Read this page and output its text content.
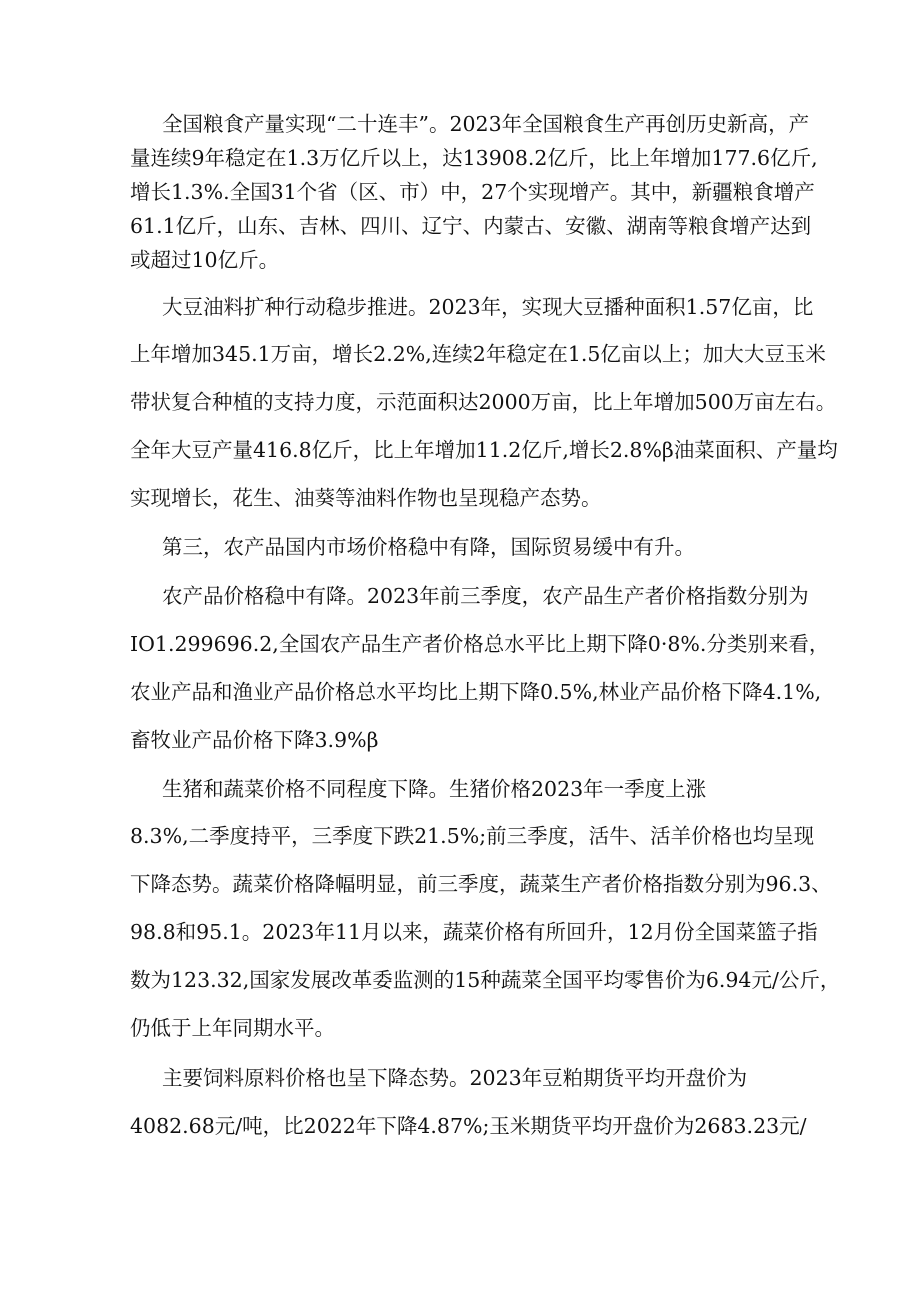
全国粮食产量实现“二十连丰”。2023年全国粮食生产再创历史新高，产
量连续9年稳定在1.3万亿斤以上，达13908.2亿斤，比上年增加177.6亿斤,
增长1.3%.全国31个省（区、市）中，27个实现增产。其中，新疆粮食增产
61.1亿斤，山东、吉林、四川、辽宁、内蒙古、安徽、湖南等粮食增产达到
或超过10亿斤。
大豆油料扩种行动稳步推进。2023年，实现大豆播种面积1.57亿亩，比
上年增加345.1万亩，增长2.2%,连续2年稳定在1.5亿亩以上；加大大豆玉米
带状复合种植的支持力度，示范面积达2000万亩，比上年增加500万亩左右。
全年大豆产量416.8亿斤，比上年增加11.2亿斤,增长2.8%β油菜面积、产量均
实现增长，花生、油葵等油料作物也呈现稳产态势。
第三，农产品国内市场价格稳中有降，国际贸易缓中有升。
农产品价格稳中有降。2023年前三季度，农产品生产者价格指数分别为
IO1.299696.2,全国农产品生产者价格总水平比上期下降0·8%.分类别来看，
农业产品和渔业产品价格总水平均比上期下降0.5%,林业产品价格下降4.1%,
畜牧业产品价格下降3.9%β
生猪和蔬菜价格不同程度下降。生猪价格2023年一季度上涨
8.3%,二季度持平，三季度下跌21.5%;前三季度，活牛、活羊价格也均呈现
下降态势。蔬菜价格降幅明显，前三季度，蔬菜生产者价格指数分别为96.3、
98.8和95.1。2023年11月以来，蔬菜价格有所回升，12月份全国菜篮子指
数为123.32,国家发展改革委监测的15种蔬菜全国平均零售价为6.94元/公斤，
仍低于上年同期水平。
主要饲料原料价格也呈下降态势。2023年豆粕期货平均开盘价为
4082.68元/吨，比2022年下降4.87%;玉米期货平均开盘价为2683.23元/
